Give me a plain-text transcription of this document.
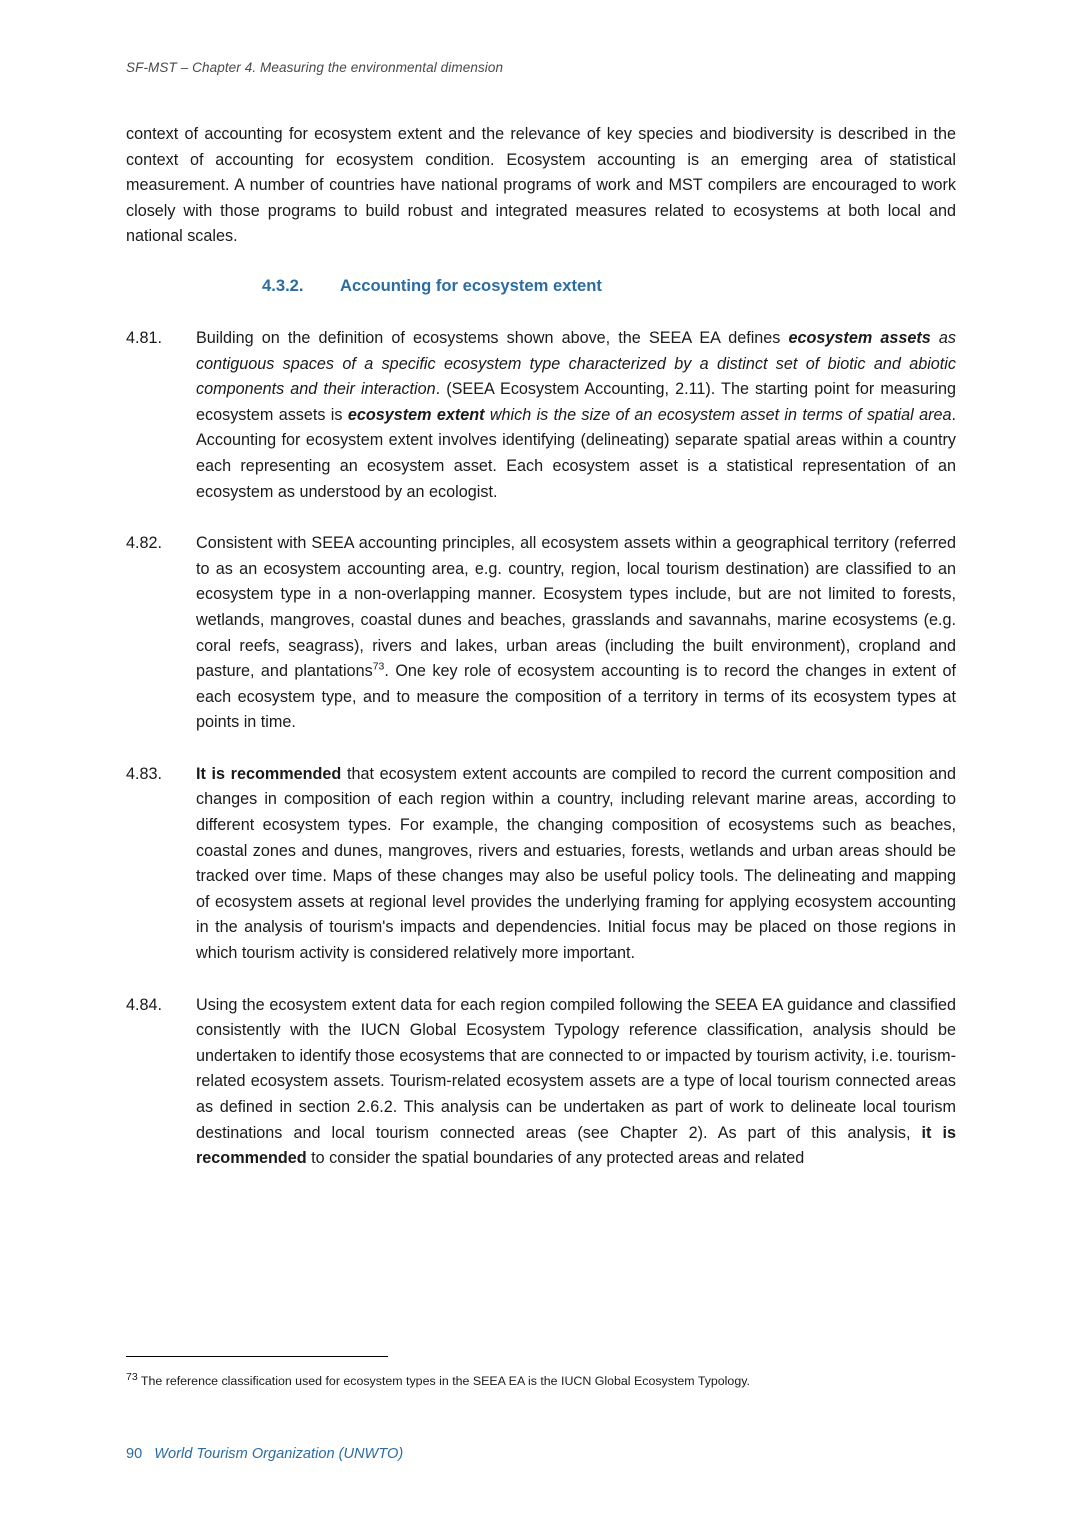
SF-MST – Chapter 4. Measuring the environmental dimension

context of accounting for ecosystem extent and the relevance of key species and biodiversity is described in the context of accounting for ecosystem condition. Ecosystem accounting is an emerging area of statistical measurement. A number of countries have national programs of work and MST compilers are encouraged to work closely with those programs to build robust and integrated measures related to ecosystems at both local and national scales.

4.3.2. Accounting for ecosystem extent
4.81.	Building on the definition of ecosystems shown above, the SEEA EA defines ecosystem assets as contiguous spaces of a specific ecosystem type characterized by a distinct set of biotic and abiotic components and their interaction. (SEEA Ecosystem Accounting, 2.11). The starting point for measuring ecosystem assets is ecosystem extent which is the size of an ecosystem asset in terms of spatial area. Accounting for ecosystem extent involves identifying (delineating) separate spatial areas within a country each representing an ecosystem asset. Each ecosystem asset is a statistical representation of an ecosystem as understood by an ecologist.
4.82.	Consistent with SEEA accounting principles, all ecosystem assets within a geographical territory (referred to as an ecosystem accounting area, e.g. country, region, local tourism destination) are classified to an ecosystem type in a non-overlapping manner. Ecosystem types include, but are not limited to forests, wetlands, mangroves, coastal dunes and beaches, grasslands and savannahs, marine ecosystems (e.g. coral reefs, seagrass), rivers and lakes, urban areas (including the built environment), cropland and pasture, and plantations$^{73}$. One key role of ecosystem accounting is to record the changes in extent of each ecosystem type, and to measure the composition of a territory in terms of its ecosystem types at points in time.
4.83.	It is recommended that ecosystem extent accounts are compiled to record the current composition and changes in composition of each region within a country, including relevant marine areas, according to different ecosystem types. For example, the changing composition of ecosystems such as beaches, coastal zones and dunes, mangroves, rivers and estuaries, forests, wetlands and urban areas should be tracked over time. Maps of these changes may also be useful policy tools. The delineating and mapping of ecosystem assets at regional level provides the underlying framing for applying ecosystem accounting in the analysis of tourism's impacts and dependencies. Initial focus may be placed on those regions in which tourism activity is considered relatively more important.
4.84.	Using the ecosystem extent data for each region compiled following the SEEA EA guidance and classified consistently with the IUCN Global Ecosystem Typology reference classification, analysis should be undertaken to identify those ecosystems that are connected to or impacted by tourism activity, i.e. tourism-related ecosystem assets. Tourism-related ecosystem assets are a type of local tourism connected areas as defined in section 2.6.2. This analysis can be undertaken as part of work to delineate local tourism destinations and local tourism connected areas (see Chapter 2). As part of this analysis, it is recommended to consider the spatial boundaries of any protected areas and related
$^{73}$ The reference classification used for ecosystem types in the SEEA EA is the IUCN Global Ecosystem Typology.
90 World Tourism Organization (UNWTO)
